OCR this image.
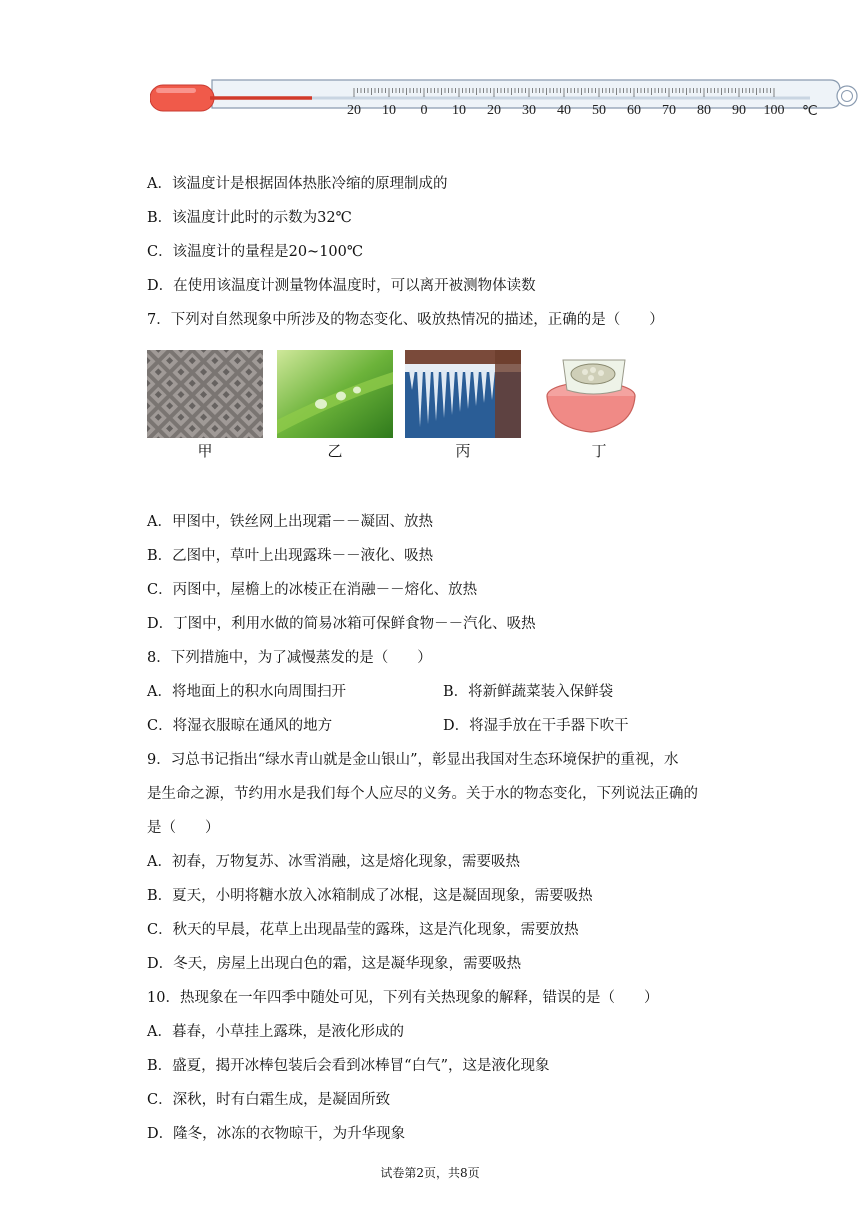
20 10 0 10 20 30 40 50 60 70 80 90 100 ℃
A．该温度计是根据固体热胀冷缩的原理制成的
B．该温度计此时的示数为32℃
C．该温度计的量程是20~100℃
D．在使用该温度计测量物体温度时，可以离开被测物体读数
7．下列对自然现象中所涉及的物态变化、吸放热情况的描述，正确的是（　　）
甲	乙	丙	丁
A．甲图中，铁丝网上出现霜－－凝固、放热
B．乙图中，草叶上出现露珠－－液化、吸热
C．丙图中，屋檐上的冰棱正在消融－－熔化、放热
D．丁图中，利用水做的简易冰箱可保鲜食物－－汽化、吸热
8．下列措施中，为了减慢蒸发的是（　　）
A．将地面上的积水向周围扫开	B．将新鲜蔬菜装入保鲜袋
C．将湿衣服晾在通风的地方	D．将湿手放在干手器下吹干
9．习总书记指出“绿水青山就是金山银山”，彰显出我国对生态环境保护的重视，水
是生命之源，节约用水是我们每个人应尽的义务。关于水的物态变化，下列说法正确的
是（　　）
A．初春，万物复苏、冰雪消融，这是熔化现象，需要吸热
B．夏天，小明将糖水放入冰箱制成了冰棍，这是凝固现象，需要吸热
C．秋天的早晨，花草上出现晶莹的露珠，这是汽化现象，需要放热
D．冬天，房屋上出现白色的霜，这是凝华现象，需要吸热
10．热现象在一年四季中随处可见，下列有关热现象的解释，错误的是（　　）
A．暮春，小草挂上露珠，是液化形成的
B．盛夏，揭开冰棒包装后会看到冰棒冒“白气”，这是液化现象
C．深秋，时有白霜生成，是凝固所致
D．隆冬，冰冻的衣物晾干，为升华现象
试卷第2页，共8页
